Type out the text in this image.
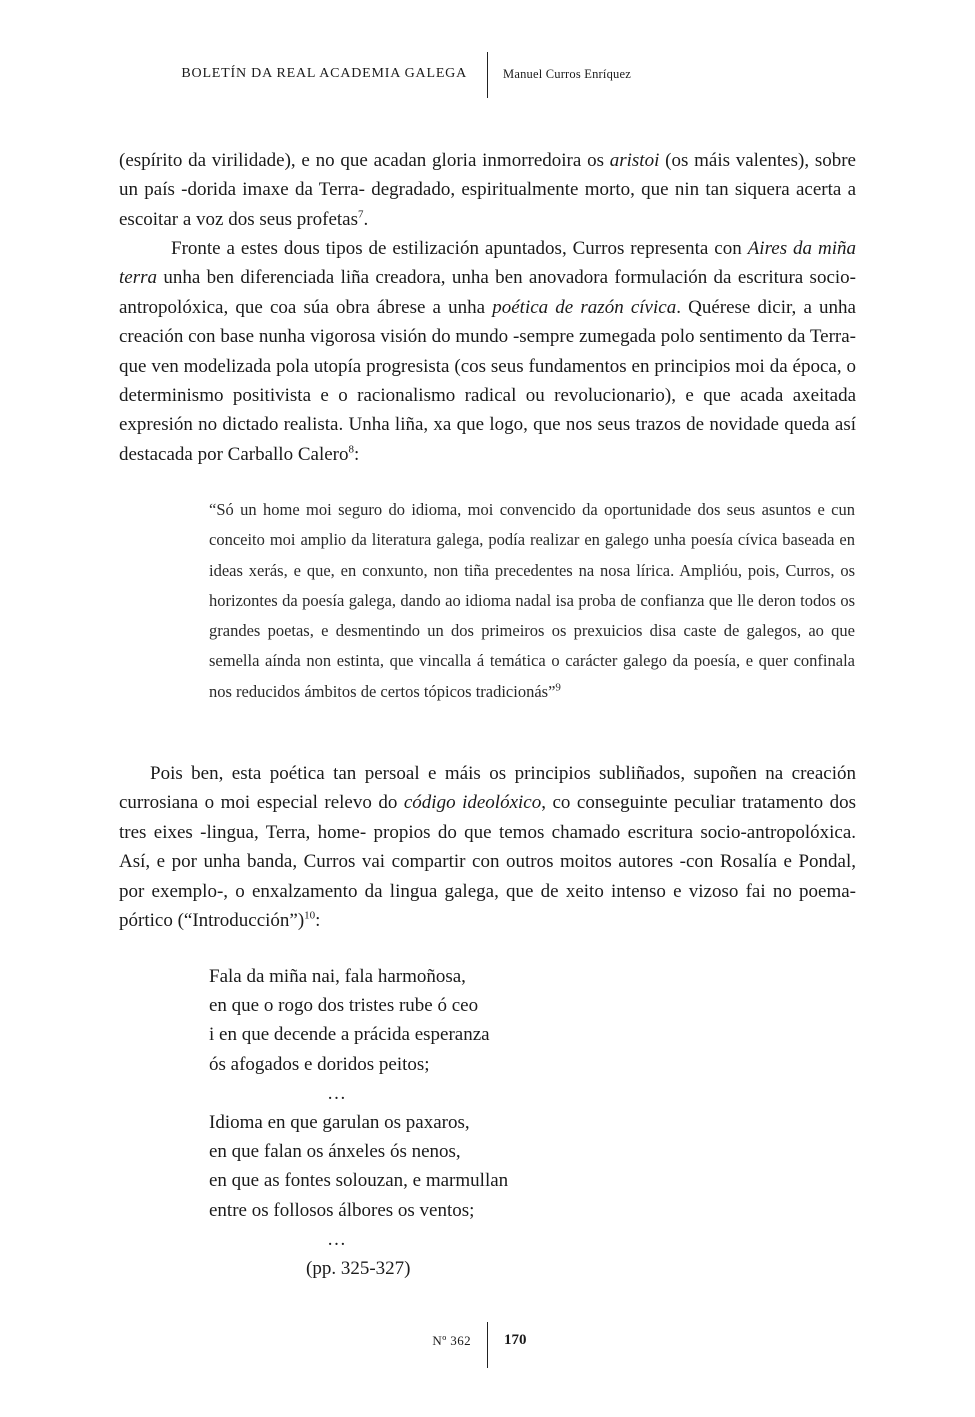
BOLETÍN DA REAL ACADEMIA GALEGA	Manuel Curros Enríquez

(espírito da virilidade), e no que acadan gloria inmorredoira os aristoi (os máis valentes), sobre un país -dorida imaxe da Terra- degradado, espiritualmente morto, que nin tan siquera acerta a escoitar a voz dos seus profetas$^7$.

Fronte a estes dous tipos de estilización apuntados, Curros representa con Aires da miña terra unha ben diferenciada liña creadora, unha ben anovadora formulación da escritura socio-antropolóxica, que coa súa obra ábrese a unha poética de razón cívica. Quérese dicir, a unha creación con base nunha vigorosa visión do mundo -sempre zumegada polo sentimento da Terra- que ven modelizada pola utopía progresista (cos seus fundamentos en principios moi da época, o determinismo positivista e o racionalismo radical ou revolucionario), e que acada axeitada expresión no dictado realista. Unha liña, xa que logo, que nos seus trazos de novidade queda así destacada por Carballo Calero$^8$:

“Só un home moi seguro do idioma, moi convencido da oportunidade dos seus asuntos e cun conceito moi amplio da literatura galega, podía realizar en galego unha poesía cívica baseada en ideas xerás, e que, en conxunto, non tiña precedentes na nosa lírica. Amplióu, pois, Curros, os horizontes da poesía galega, dando ao idioma nadal isa proba de confianza que lle deron todos os grandes poetas, e desmentindo un dos primeiros os prexuicios disa caste de galegos, ao que semella aínda non estinta, que vincalla á temática o carácter galego da poesía, e quer confinala nos reducidos ámbitos de certos tópicos tradicionás”$^9$

Pois ben, esta poética tan persoal e máis os principios subliñados, supoñen na creación currosiana o moi especial relevo do código ideolóxico, co conseguinte peculiar tratamento dos tres eixes -lingua, Terra, home- propios do que temos chamado escritura socio-antropolóxica. Así, e por unha banda, Curros vai compartir con outros moitos autores -con Rosalía e Pondal, por exemplo-, o enxalzamento da lingua galega, que de xeito intenso e vizoso fai no poema-pórtico (“Introducción”)$^{10}$:

Fala da miña nai, fala harmoñosa,
en que o rogo dos tristes rube ó ceo
i en que decende a prácida esperanza
ós afogados e doridos peitos;
…
Idioma en que garulan os paxaros,
en que falan os ánxeles ós nenos,
en que as fontes solouzan, e marmullan
entre os follosos álbores os ventos;
…
(pp. 325-327)
Nº 362 170
